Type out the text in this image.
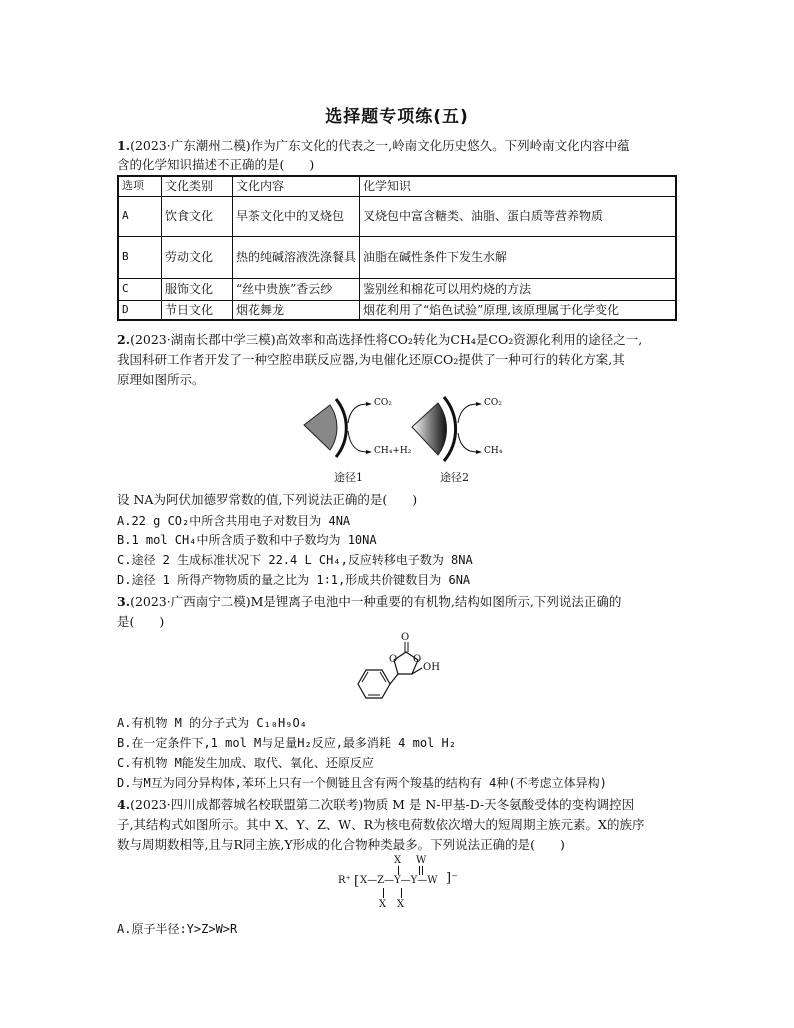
选择题专项练(五)
1.(2023·广东潮州二模)作为广东文化的代表之一,岭南文化历史悠久。下列岭南文化内容中蕴
含的化学知识描述不正确的是(　　)
选项	文化类别	文化内容	化学知识
A	饮食文化	早茶文化中的叉烧包	叉烧包中富含糖类、油脂、蛋白质等营养物质
B	劳动文化	热的纯碱溶液洗涤餐具	油脂在碱性条件下发生水解
C	服饰文化	“丝中贵族”香云纱	鉴别丝和棉花可以用灼烧的方法
D	节日文化	烟花舞龙	烟花利用了“焰色试验”原理,该原理属于化学变化
2.(2023·湖南长郡中学三模)高效率和高选择性将CO₂转化为CH₄是CO₂资源化利用的途径之一,
我国科研工作者开发了一种空腔串联反应器,为电催化还原CO₂提供了一种可行的转化方案,其
原理如图所示。
CO₂
CH₄+H₂
途径1
CO₂
CH₄
途径2
设 NA为阿伏加德罗常数的值,下列说法正确的是(　　)
A.22 g CO₂中所含共用电子对数目为 4NA
B.1 mol CH₄中所含质子数和中子数均为 10NA
C.途径 2 生成标准状况下 22.4 L CH₄,反应转移电子数为 8NA
D.途径 1 所得产物物质的量之比为 1∶1,形成共价键数目为 6NA
3.(2023·广西南宁二模)M是锂离子电池中一种重要的有机物,结构如图所示,下列说法正确的
是(　　)
O
O O
OH
A.有机物 M 的分子式为 C₁₀H₉O₄
B.在一定条件下,1 mol M与足量H₂反应,最多消耗 4 mol H₂
C.有机物 M能发生加成、取代、氧化、还原反应
D.与M互为同分异构体,苯环上只有一个侧链且含有两个羧基的结构有 4种(不考虑立体异构)
4.(2023·四川成都蓉城名校联盟第二次联考)物质 M 是 N-甲基-D-天冬氨酸受体的变构调控因
子,其结构式如图所示。其中 X、Y、Z、W、R为核电荷数依次增大的短周期主族元素。X的族序
数与周期数相等,且与R同主族,Y形成的化合物种类最多。下列说法正确的是(　　)
X W
R⁺ [ X—Z—Y—Y—W ]⁻
X X
A.原子半径:Y>Z>W>R
